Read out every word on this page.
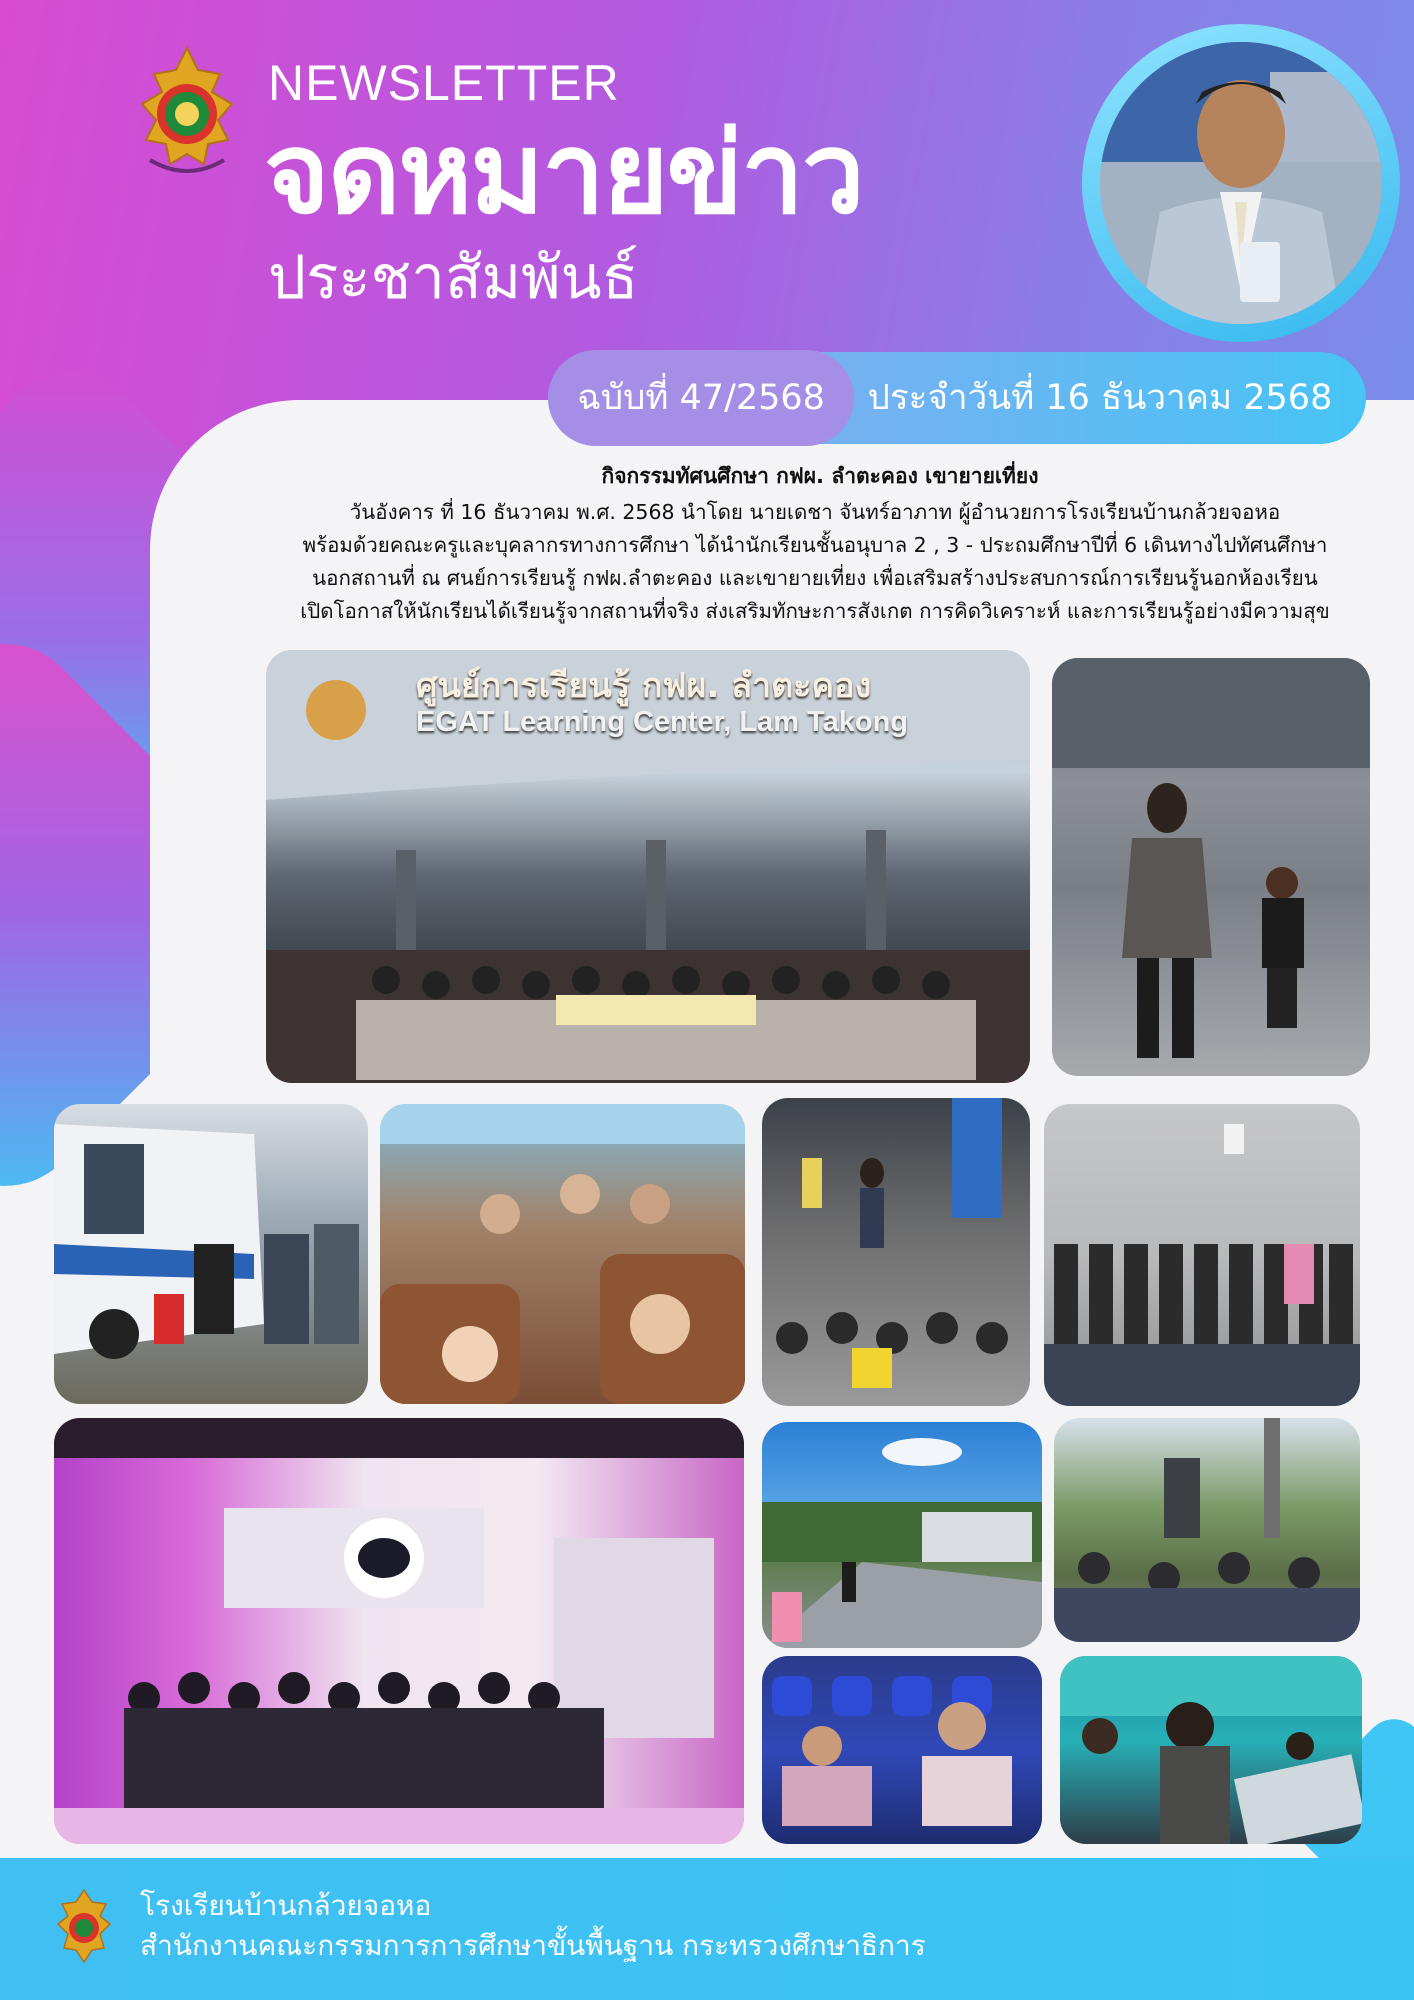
NEWSLETTER
จดหมายข่าว
ประชาสัมพันธ์
ฉบับที่ 47/2568	ประจำวันที่ 16 ธันวาคม 2568
กิจกรรมทัศนศึกษา กฟผ. ลำตะคอง เขายายเที่ยง
วันอังคาร ที่ 16 ธันวาคม พ.ศ. 2568 นำโดย นายเดชา จันทร์อาภาท ผู้อำนวยการโรงเรียนบ้านกล้วยจอหอ
พร้อมด้วยคณะครูและบุคลากรทางการศึกษา ได้นำนักเรียนชั้นอนุบาล 2 , 3 - ประถมศึกษาปีที่ 6 เดินทางไปทัศนศึกษา
นอกสถานที่ ณ ศนย์การเรียนรู้ กฟผ.ลำตะคอง และเขายายเที่ยง เพื่อเสริมสร้างประสบการณ์การเรียนรู้นอกห้องเรียน
เปิดโอกาสให้นักเรียนได้เรียนรู้จากสถานที่จริง ส่งเสริมทักษะการสังเกต การคิดวิเคราะห์ และการเรียนรู้อย่างมีความสุข
ศูนย์การเรียนรู้ กฟผ. ลำตะคอง
EGAT Learning Center, Lam Takong
โรงเรียนบ้านกล้วยจอหอ
สำนักงานคณะกรรมการการศึกษาขั้นพื้นฐาน กระทรวงศึกษาธิการ
